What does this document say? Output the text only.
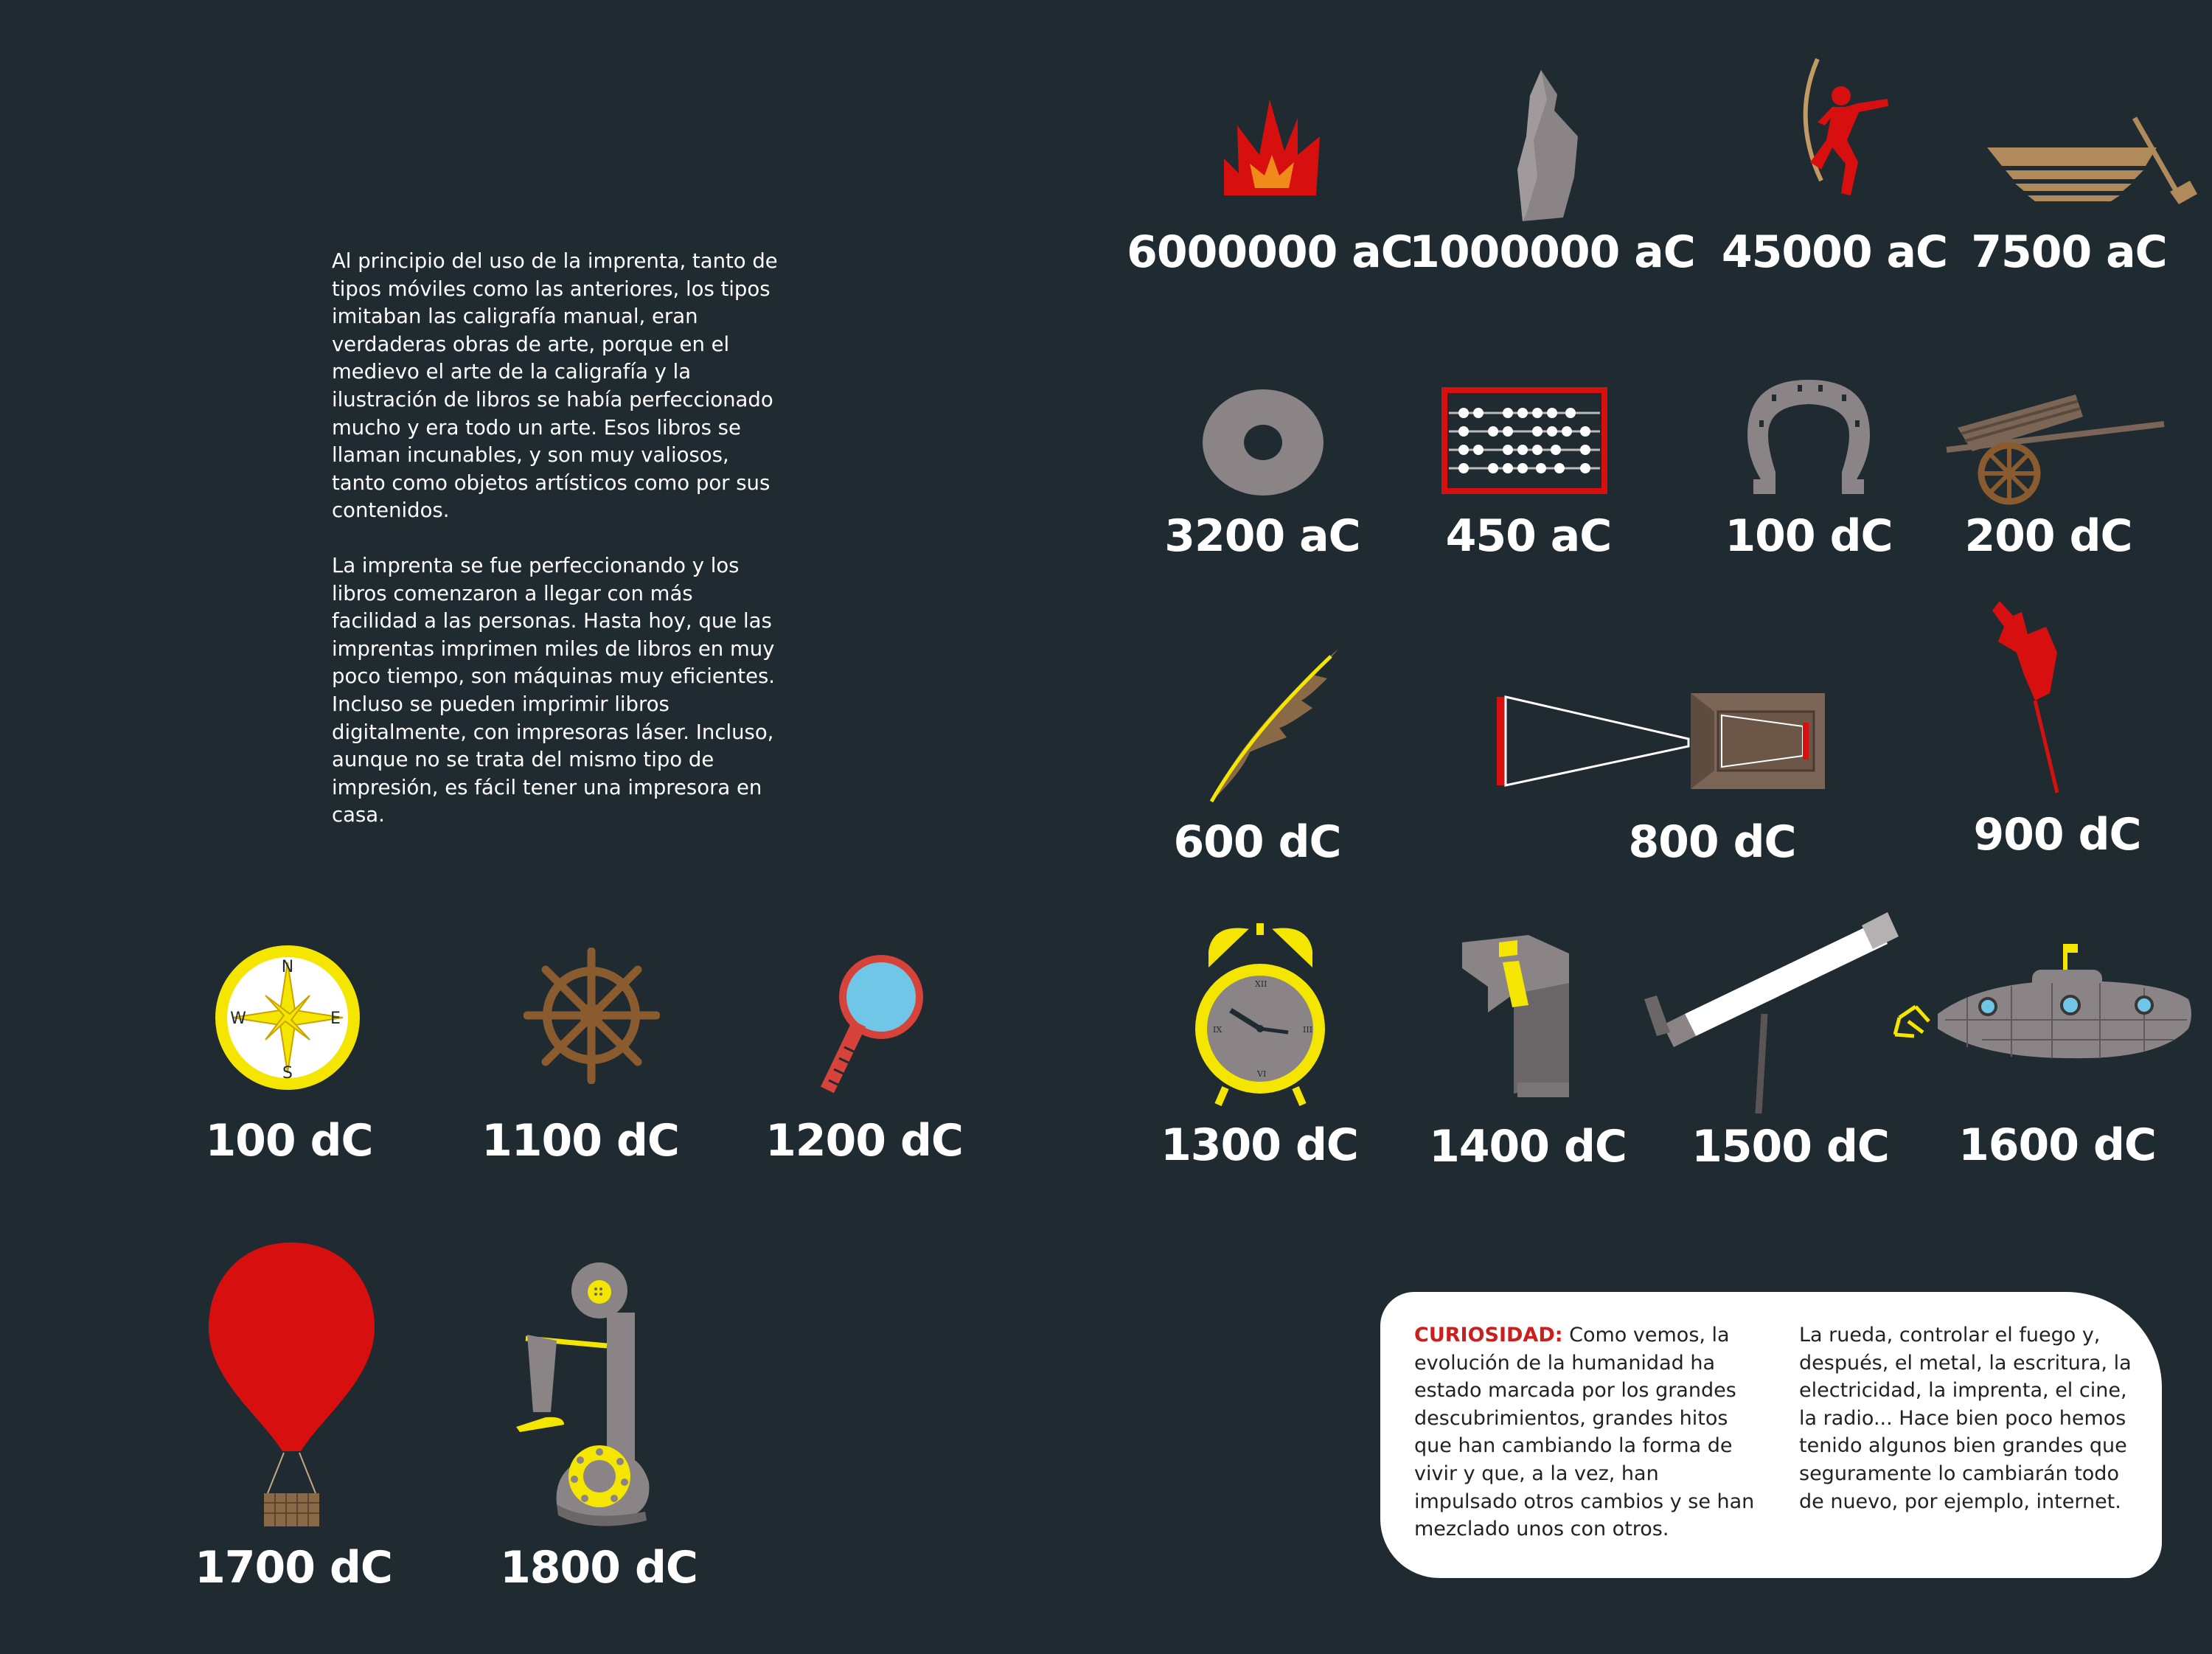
Al principio del uso de la imprenta, tanto de tipos móviles como las anteriores, los tipos imitaban las caligrafía manual, eran verdaderas obras de arte, porque en el medievo el arte de la caligrafía y la ilustración de libros se había perfeccionado mucho y era todo un arte. Esos libros se llaman incunables, y son muy valiosos, tanto como objetos artísticos como por sus contenidos.

La imprenta se fue perfeccionando y los libros comenzaron a llegar con más facilidad a las personas. Hasta hoy, que las imprentas imprimen miles de libros en muy poco tiempo, son máquinas muy eficientes. Incluso se pueden imprimir libros digitalmente, con impresoras láser. Incluso, aunque no se trata del mismo tipo de impresión, es fácil tener una impresora en casa.

6000000 aC
1000000 aC 45000 aC 7500 aC
3200 aC 450 aC	100 dC 200 dC
600 dC	800 dC	900 dC
XII
III
VI
IX
1300 dC 1400 dC 1500 dC 1600 dC
N
S
E
W
100 dC 1100 dC 1200 dC
1700 dC 1800 dC
CURIOSIDAD: Como vemos, la evolución de la humanidad ha estado marcada por los grandes descubrimientos, grandes hitos que han cambiando la forma de vivir y que, a la vez, han impulsado otros cambios y se han mezclado unos con otros.
La rueda, controlar el fuego y, después, el metal, la escritura, la electricidad, la imprenta, el cine, la radio... Hace bien poco hemos tenido algunos bien grandes que seguramente lo cambiarán todo de nuevo, por ejemplo, internet.
